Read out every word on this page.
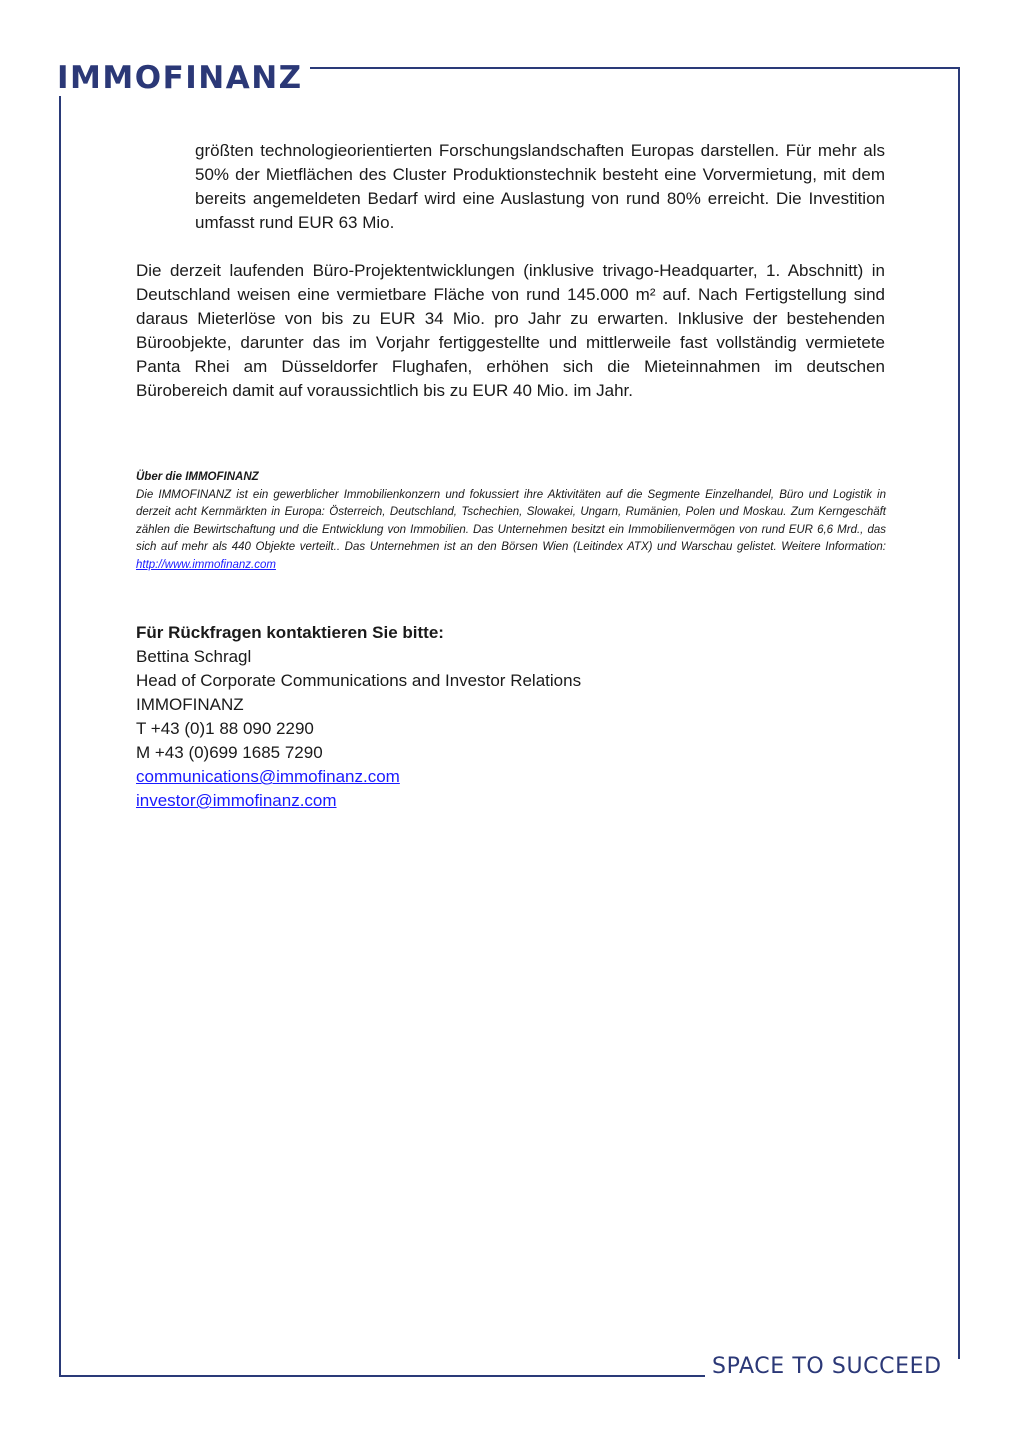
IMMOFINANZ

größten technologieorientierten Forschungslandschaften Europas darstellen. Für mehr als 50% der Mietflächen des Cluster Produktionstechnik besteht eine Vorvermietung, mit dem bereits angemeldeten Bedarf wird eine Auslastung von rund 80% erreicht. Die Investition umfasst rund EUR 63 Mio.

Die derzeit laufenden Büro-Projektentwicklungen (inklusive trivago-Headquarter, 1. Abschnitt) in Deutschland weisen eine vermietbare Fläche von rund 145.000 m² auf. Nach Fertigstellung sind daraus Mieterlöse von bis zu EUR 34 Mio. pro Jahr zu erwarten. Inklusive der bestehenden Büroobjekte, darunter das im Vorjahr fertiggestellte und mittlerweile fast vollständig vermietete Panta Rhei am Düsseldorfer Flughafen, erhöhen sich die Mieteinnahmen im deutschen Bürobereich damit auf voraussichtlich bis zu EUR 40 Mio. im Jahr.

Über die IMMOFINANZ

Die IMMOFINANZ ist ein gewerblicher Immobilienkonzern und fokussiert ihre Aktivitäten auf die Segmente Einzelhandel, Büro und Logistik in derzeit acht Kernmärkten in Europa: Österreich, Deutschland, Tschechien, Slowakei, Ungarn, Rumänien, Polen und Moskau. Zum Kerngeschäft zählen die Bewirtschaftung und die Entwicklung von Immobilien. Das Unternehmen besitzt ein Immobilienvermögen von rund EUR 6,6 Mrd., das sich auf mehr als 440 Objekte verteilt.. Das Unternehmen ist an den Börsen Wien (Leitindex ATX) und Warschau gelistet. Weitere Information: http://www.immofinanz.com

Für Rückfragen kontaktieren Sie bitte:
Bettina Schragl
Head of Corporate Communications and Investor Relations
IMMOFINANZ
T +43 (0)1 88 090 2290
M +43 (0)699 1685 7290
communications@immofinanz.com
investor@immofinanz.com
SPACE TO SUCCEED
